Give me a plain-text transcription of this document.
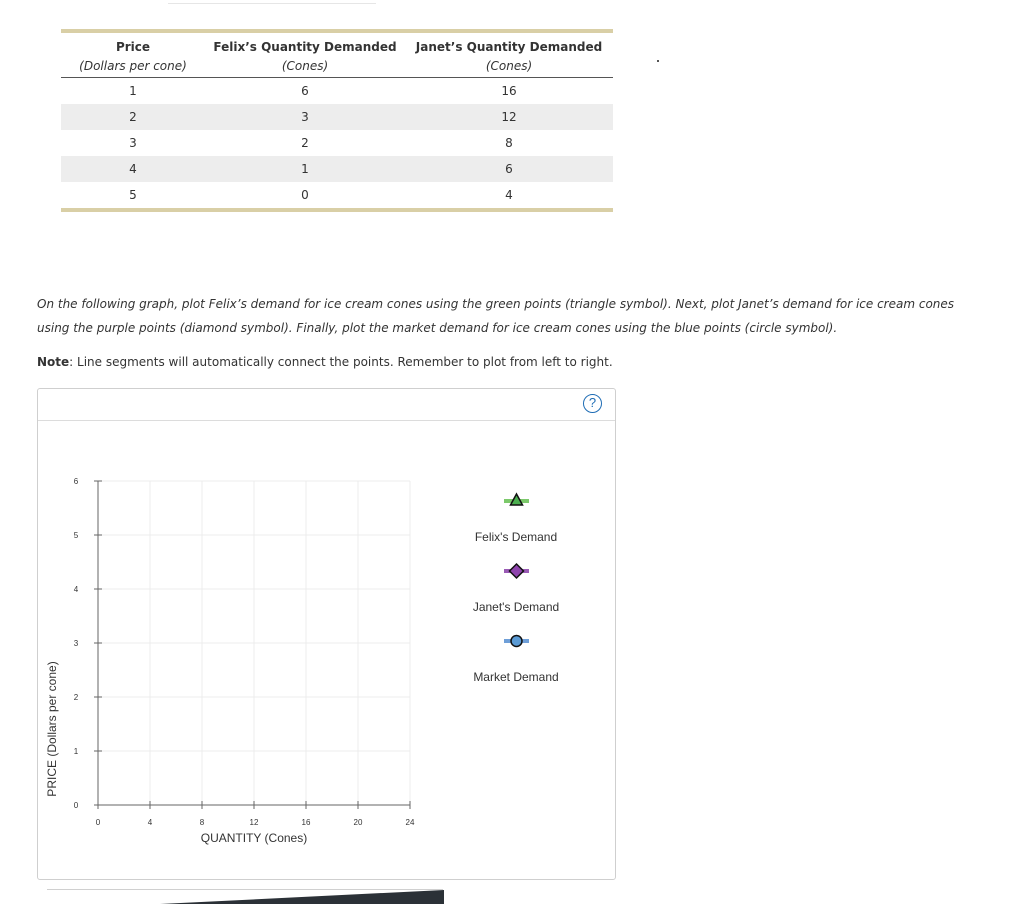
Price	Felix’s Quantity Demanded	Janet’s Quantity Demanded
(Dollars per cone)	(Cones)	(Cones)
1	6	16
2	3	12
3	2	8
4	1	6
5	0	4
On the following graph, plot Felix’s demand for ice cream cones using the green points (triangle symbol). Next, plot Janet’s demand for ice cream cones using the purple points (diamond symbol). Finally, plot the market demand for ice cream cones using the blue points (circle symbol).
Note: Line segments will automatically connect the points. Remember to plot from left to right.
?
0	4	8	12	16	20	24
0
1
2
3
4
5
6
QUANTITY (Cones)
PRICE (Dollars per cone)
Felix's Demand
Janet's Demand
Market Demand
